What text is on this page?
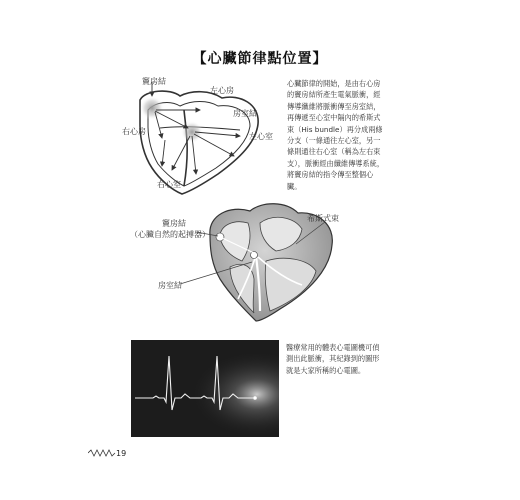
【心臟節律點位置】
竇房結
左心房
右心房
房室結
左心室
右心室
心臟節律的開始，是由右心房的竇房結所產生電氣脈衝，經傳導纖維將脈衝傳至房室結，再傳遞至心室中隔內的希斯式束（His bundle）再分成兩條分支（一條通往左心室，另一條則通往右心室（稱為左右束支），脈衝經由纖維傳導系統，將竇房結的指令傳至整個心臟。
竇房結
（心臟自然的起搏器）
希斯式束
房室結
醫療常用的體表心電圖機可偵測出此脈衝，其紀錄到的圖形就是大家所稱的心電圖。
19
